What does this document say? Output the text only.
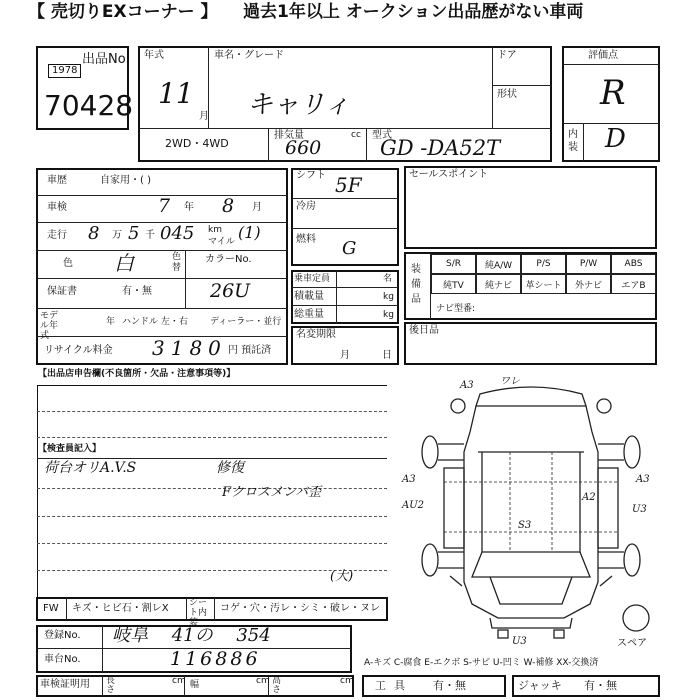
【 売切りEXコーナー 】 過去1年以上 オークション出品歴がない車両
出品No.
1978
70428
年式
11
月
車名・グレード
キャリィ
ドア
形状
2WD・4WD
排気量	cc
660
型式
GD -DA52T
評価点
R
内装 D
車歴	自家用・( )
車検	7 年 8 月
走行 8 万 5 千 045 km
マイル (1)
色 白	色替
カラーNo.
26U
保証書	有・無
モデル年式
年 ハンドル 左・右 ディーラー・並行
リサイクル料金 3180 円 預託済
シフト 5F
冷房
燃料 G
乗車定員	名
積載量	kg
総重量	kg
名変期限
月	日
セールスポイント
装備品
S/R	純A/W	P/S	P/W	ABS
純TV	純ナビ	革シート	外ナビ	エアB
ナビ型番:
後日品
【出品店申告欄(不良箇所・欠品・注意事項等)】
【検査員記入】
荷台オリA.V.S	修復
Fクロスメンバ歪
A3	ワレ
A3	A3
AU2
A2
U3
S3
U3	スペア
FW キズ・ヒビ石・割レX シート内装
コゲ・穴・汚レ・シミ・破レ・ヌレ
(大)
登録No. 岐阜 41の 354
車台No.	116886	A-キズ C-腐食 E-エクボ S-サビ U-凹ミ W-補修 XX-交換済
車検証明用 長さ
cm 幅	cm 高さ
cm 工具 有・無	ジャッキ 有・無
